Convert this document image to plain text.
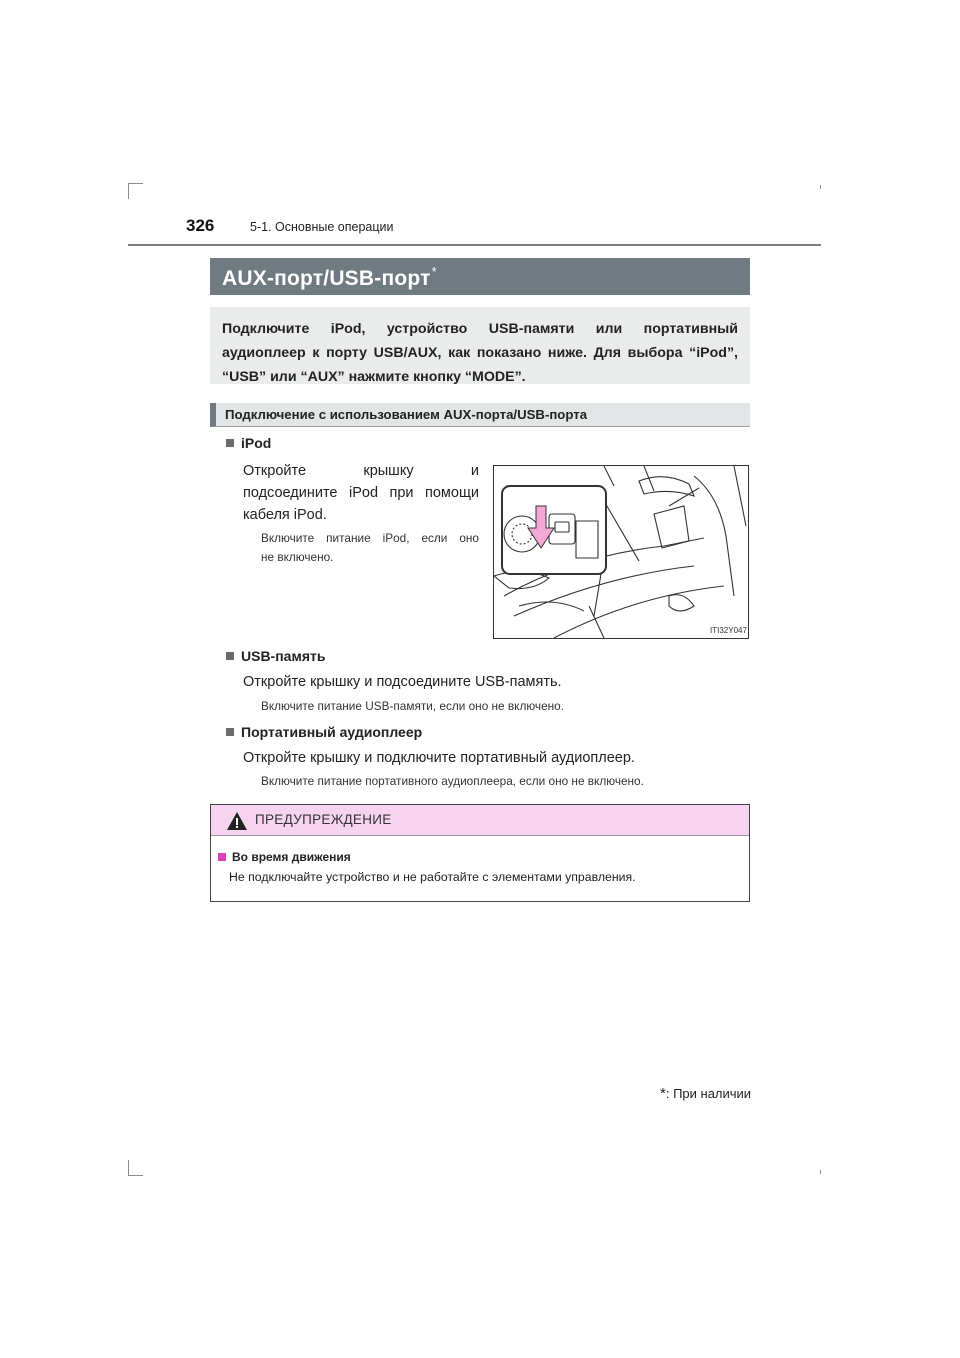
326	5-1. Основные операции
AUX-порт/USB-порт*
Подключите iPod, устройство USB-памяти или портативный аудиоплеер к порту USB/AUX, как показано ниже. Для выбора “iPod”, “USB” или “AUX” нажмите кнопку “MODE”.
Подключение с использованием AUX-порта/USB-порта
iPod
Откройте крышку и
подсоедините iPod при помощи
кабеля iPod.
Включите питание iPod, если оно
не включено.
ITI32Y047
USB-память
Откройте крышку и подсоедините USB-память.
Включите питание USB-памяти, если оно не включено.
Портативный аудиоплеер
Откройте крышку и подключите портативный аудиоплеер.
Включите питание портативного аудиоплеера, если оно не включено.
ПРЕДУПРЕЖДЕНИЕ
Во время движения
Не подключайте устройство и не работайте с элементами управления.
*: При наличии
